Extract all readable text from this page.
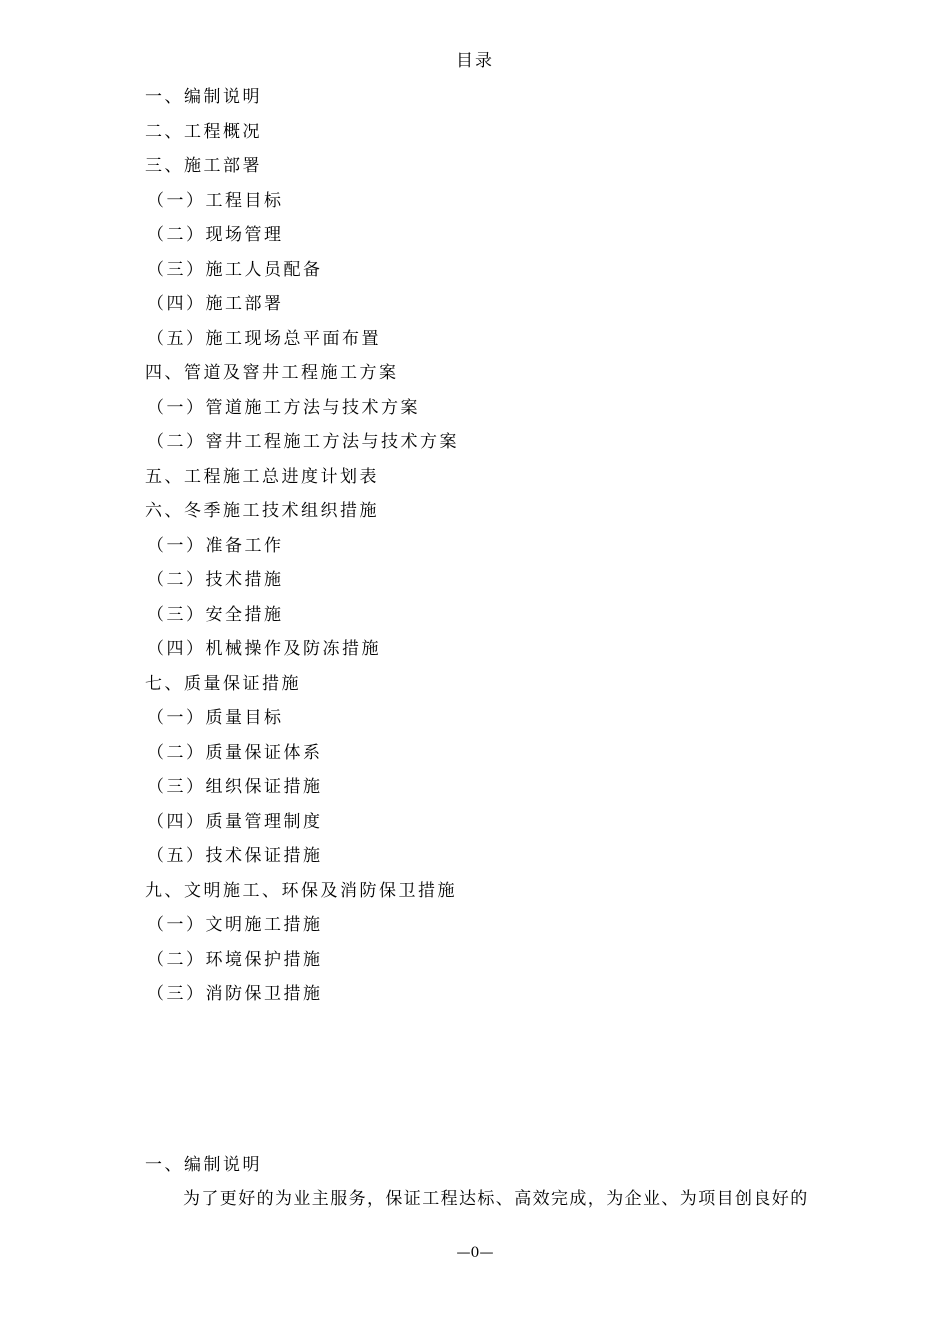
目录
一、编制说明
二、工程概况
三、施工部署
（一）工程目标
（二）现场管理
（三）施工人员配备
（四）施工部署
（五）施工现场总平面布置
四、管道及窨井工程施工方案
（一）管道施工方法与技术方案
（二）窨井工程施工方法与技术方案
五、工程施工总进度计划表
六、冬季施工技术组织措施
（一）准备工作
（二）技术措施
（三）安全措施
（四）机械操作及防冻措施
七、质量保证措施
（一）质量目标
（二）质量保证体系
（三）组织保证措施
（四）质量管理制度
（五）技术保证措施
九、文明施工、环保及消防保卫措施
（一）文明施工措施
（二）环境保护措施
（三）消防保卫措施
一、编制说明
为了更好的为业主服务，保证工程达标、高效完成，为企业、为项目创良好的
—0—
